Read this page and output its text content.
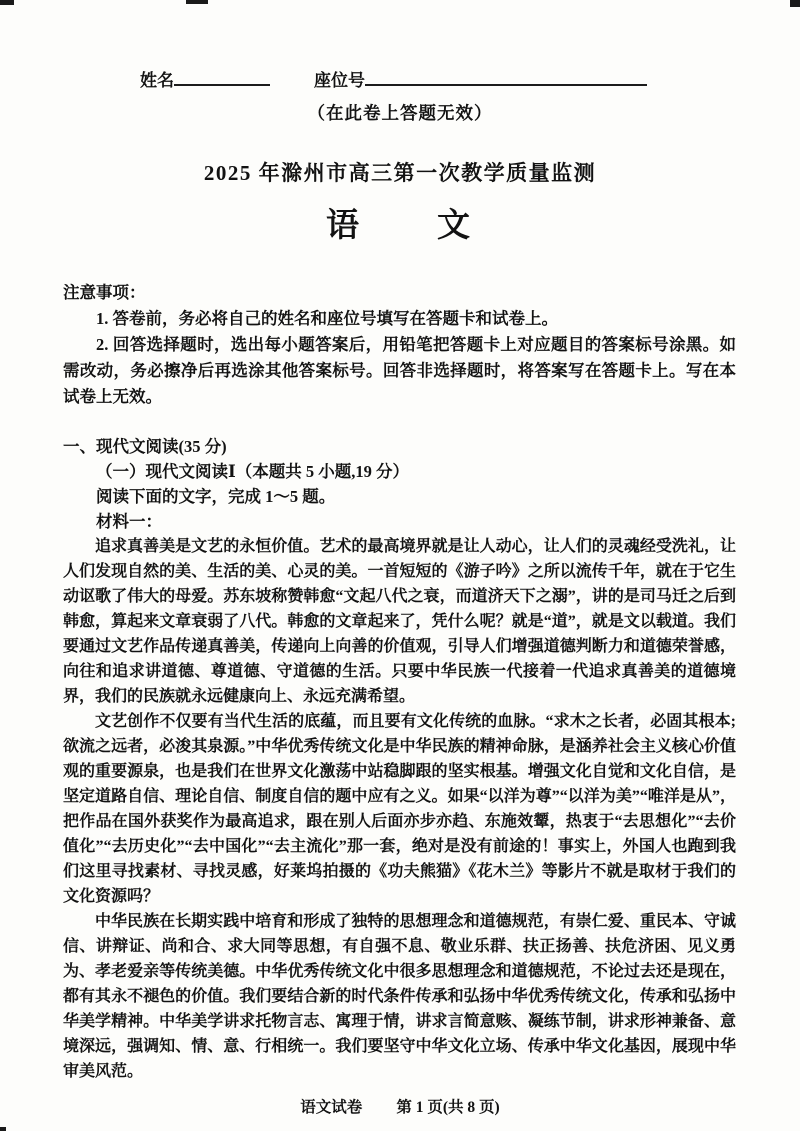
姓名	座位号
（在此卷上答题无效）
2025 年滁州市高三第一次教学质量监测
语　　文

注意事项：

1. 答卷前，务必将自己的姓名和座位号填写在答题卡和试卷上。

2. 回答选择题时，选出每小题答案后，用铅笔把答题卡上对应题目的答案标号涂黑。如需改动，务必擦净后再选涂其他答案标号。回答非选择题时，将答案写在答题卡上。写在本试卷上无效。

一、现代文阅读(35 分)

（一）现代文阅读Ⅰ（本题共 5 小题,19 分）

阅读下面的文字，完成 1～5 题。

材料一：

追求真善美是文艺的永恒价值。艺术的最高境界就是让人动心，让人们的灵魂经受洗礼，让人们发现自然的美、生活的美、心灵的美。一首短短的《游子吟》之所以流传千年，就在于它生动讴歌了伟大的母爱。苏东坡称赞韩愈“文起八代之衰，而道济天下之溺”，讲的是司马迁之后到韩愈，算起来文章衰弱了八代。韩愈的文章起来了，凭什么呢？就是“道”，就是文以载道。我们要通过文艺作品传递真善美，传递向上向善的价值观，引导人们增强道德判断力和道德荣誉感，向往和追求讲道德、尊道德、守道德的生活。只要中华民族一代接着一代追求真善美的道德境界，我们的民族就永远健康向上、永远充满希望。

文艺创作不仅要有当代生活的底蕴，而且要有文化传统的血脉。“求木之长者，必固其根本;欲流之远者，必浚其泉源。”中华优秀传统文化是中华民族的精神命脉，是涵养社会主义核心价值观的重要源泉，也是我们在世界文化激荡中站稳脚跟的坚实根基。增强文化自觉和文化自信，是坚定道路自信、理论自信、制度自信的题中应有之义。如果“以洋为尊”“以洋为美”“唯洋是从”，把作品在国外获奖作为最高追求，跟在别人后面亦步亦趋、东施效颦，热衷于“去思想化”“去价值化”“去历史化”“去中国化”“去主流化”那一套，绝对是没有前途的！事实上，外国人也跑到我们这里寻找素材、寻找灵感，好莱坞拍摄的《功夫熊猫》《花木兰》等影片不就是取材于我们的文化资源吗？

中华民族在长期实践中培育和形成了独特的思想理念和道德规范，有崇仁爱、重民本、守诚信、讲辩证、尚和合、求大同等思想，有自强不息、敬业乐群、扶正扬善、扶危济困、见义勇为、孝老爱亲等传统美德。中华优秀传统文化中很多思想理念和道德规范，不论过去还是现在，都有其永不褪色的价值。我们要结合新的时代条件传承和弘扬中华优秀传统文化，传承和弘扬中华美学精神。中华美学讲求托物言志、寓理于情，讲求言简意赅、凝练节制，讲求形神兼备、意境深远，强调知、情、意、行相统一。我们要坚守中华文化立场、传承中华文化基因，展现中华审美风范。

语文试卷 第 1 页(共 8 页)
